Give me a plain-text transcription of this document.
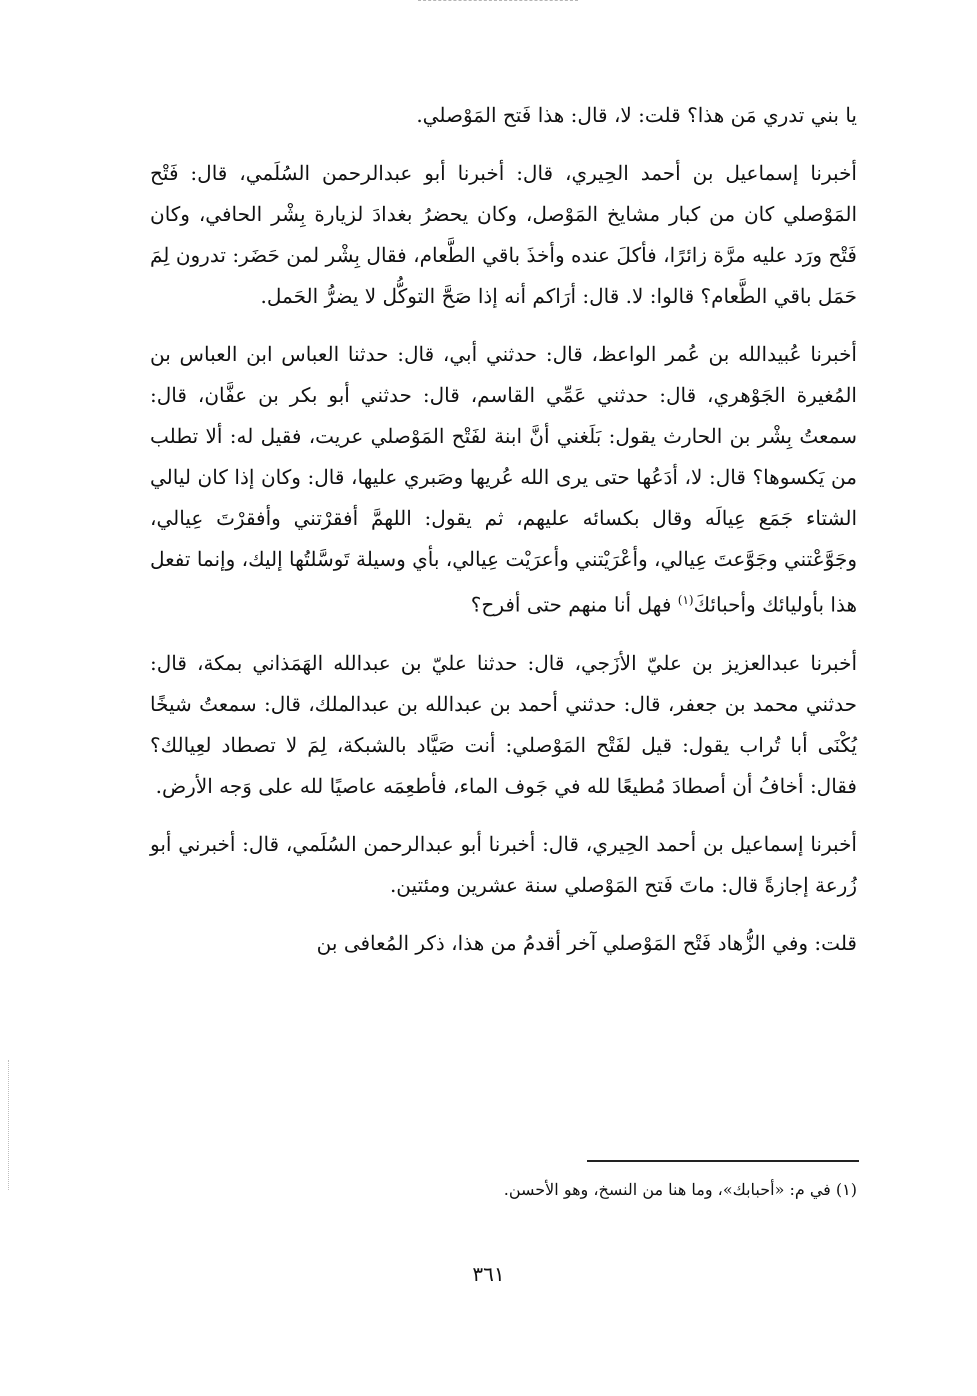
يا بني تدري مَن هذا؟ قلت: لا، قال: هذا فَتح المَوْصلي.

أخبرنا إسماعيل بن أحمد الحِيري، قال: أخبرنا أبو عبدالرحمن السُلَمي، قال: فَتْح المَوْصلي كان من كبار مشايخ المَوْصل، وكان يحضرُ بغدادَ لزيارة بِشْر الحافي، وكان فَتْح ورَد عليه مرَّة زائرًا، فأكلَ عنده وأخذَ باقي الطَّعام، فقال بِشْر لمن حَضَر: تدرون لِمَ حَمَل باقي الطَّعام؟ قالوا: لا. قال: أرَاكم أنه إذا صَحَّ التوكُّل لا يضرُّ الحَمل.

أخبرنا عُبيدالله بن عُمر الواعظ، قال: حدثني أبي، قال: حدثنا العباس ابن العباس بن المُغيرة الجَوْهري، قال: حدثني عَمِّي القاسم، قال: حدثني أبو بكر بن عفَّان، قال: سمعتُ بِشْر بن الحارث يقول: بَلَغني أنَّ ابنة لفَتْح المَوْصلي عريت، فقيل له: ألا تطلب من يَكسوها؟ قال: لا، أدَعُها حتى يرى الله عُريها وصَبري عليها، قال: وكان إذا كان ليالي الشتاء جَمَع عِيالَه وقال بكسائه عليهم، ثم يقول: اللهمَّ أفقرْتني وأفقرْتَ عِيالي، وجَوَّعْتني وجَوَّعتَ عِيالي، وأعْرَيْتني وأعرَيْت عِيالي، بأي وسيلة تَوسَّلتُها إليك، وإنما تفعل هذا بأوليائك وأحبائكَ$^{(١)}$ فهل أنا منهم حتى أفرح؟

أخبرنا عبدالعزيز بن عليّ الأزَجي، قال: حدثنا عليّ بن عبدالله الهَمَذاني بمكة، قال: حدثني محمد بن جعفر، قال: حدثني أحمد بن عبدالله بن عبدالملك، قال: سمعتُ شيخًا يُكْنَى أبا تُراب يقول: قيل لفَتْح المَوْصلي: أنت صَيَّاد بالشبكة، لِمَ لا تصطاد لعِيالك؟ فقال: أخافُ أن أصطادَ مُطيعًا لله في جَوف الماء، فأطعِمَه عاصيًا لله على وَجه الأرض.

أخبرنا إسماعيل بن أحمد الحِيري، قال: أخبرنا أبو عبدالرحمن السُلَمي، قال: أخبرني أبو زُرعة إجازةً قال: ماتَ فَتح المَوْصلي سنة عشرين ومئتين.

قلت: وفي الزُّهاد فَتْح المَوْصلي آخر أقدمُ من هذا، ذكر المُعافى بن

(١) في م: «أحبابك»، وما هنا من النسخ، وهو الأحسن.
٣٦١
